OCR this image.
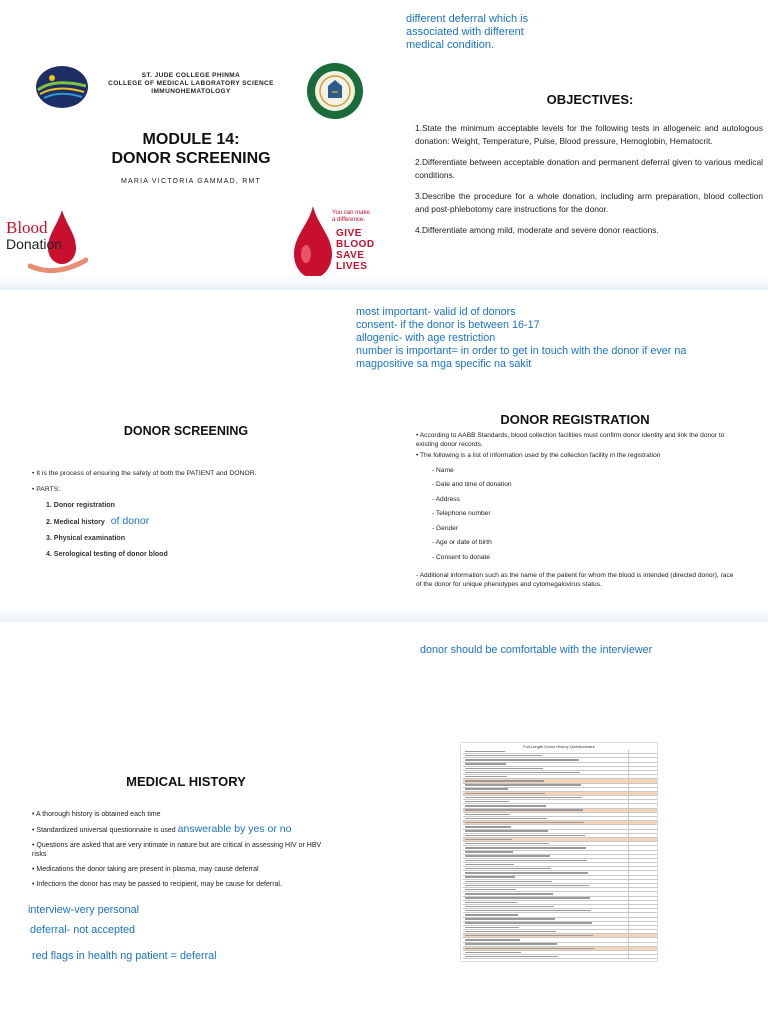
different deferral which is
associated with different
medical condition.
ST. JUDE COLLEGE PHINMA
COLLEGE OF MEDICAL LABORATORY SCIENCE
IMMUNOHEMATOLOGY
MODULE 14:
DONOR SCREENING
MARIA VICTORIA GAMMAD, RMT
Blood
Donation
You can make
a difference.
GIVE
BLOOD
SAVE
LIVES
OBJECTIVES:

1.State the minimum acceptable levels for the following tests in allogeneic and autologous donation: Weight, Temperature, Pulse, Blood pressure, Hemoglobin, Hematocrit.

2.Differentiate between acceptable donation and permanent deferral given to various medical conditions.

3.Describe the procedure for a whole donation, including arm preparation, blood collection and post-phlebotomy care instructions for the donor.

4.Differentiate among mild, moderate and severe donor reactions.

most important- valid id of donors
consent- if the donor is between 16-17
allogenic- with age restriction
number is important= in order to get in touch with the donor if ever na
magpositive sa mga specific na sakit
DONOR SCREENING
• It is the process of ensuring the safety of both the PATIENT and DONOR.
• PARTS:
1. Donor registration
2. Medical history of donor
3. Physical examination
4. Serological testing of donor blood
DONOR REGISTRATION
• According to AABB Standards, blood collection facilities must confirm donor identity and link the donor to existing donor records.
• The following is a list of information used by the collection facility in the registration
- Name
- Date and time of donation
- Address
- Telephone number
- Gender
- Age or date of birth
- Consent to donate
- Additional information such as the name of the patient for whom the blood is intended (directed donor), race of the donor for unique phenotypes and cytomegalovirus status.
donor should be comfortable with the interviewer
MEDICAL HISTORY
• A thorough history is obtained each time
• Standardized universal questionnaire is used answerable by yes or no
• Questions are asked that are very intimate in nature but are critical in assessing HIV or HBV risks
• Medications the donor taking are present in plasma, may cause deferral
• Infections the donor has may be passed to recipient, may be cause for deferral.
interview-very personal
deferral- not accepted
red flags in health ng patient = deferral
Full-Length Donor History Questionnaire
